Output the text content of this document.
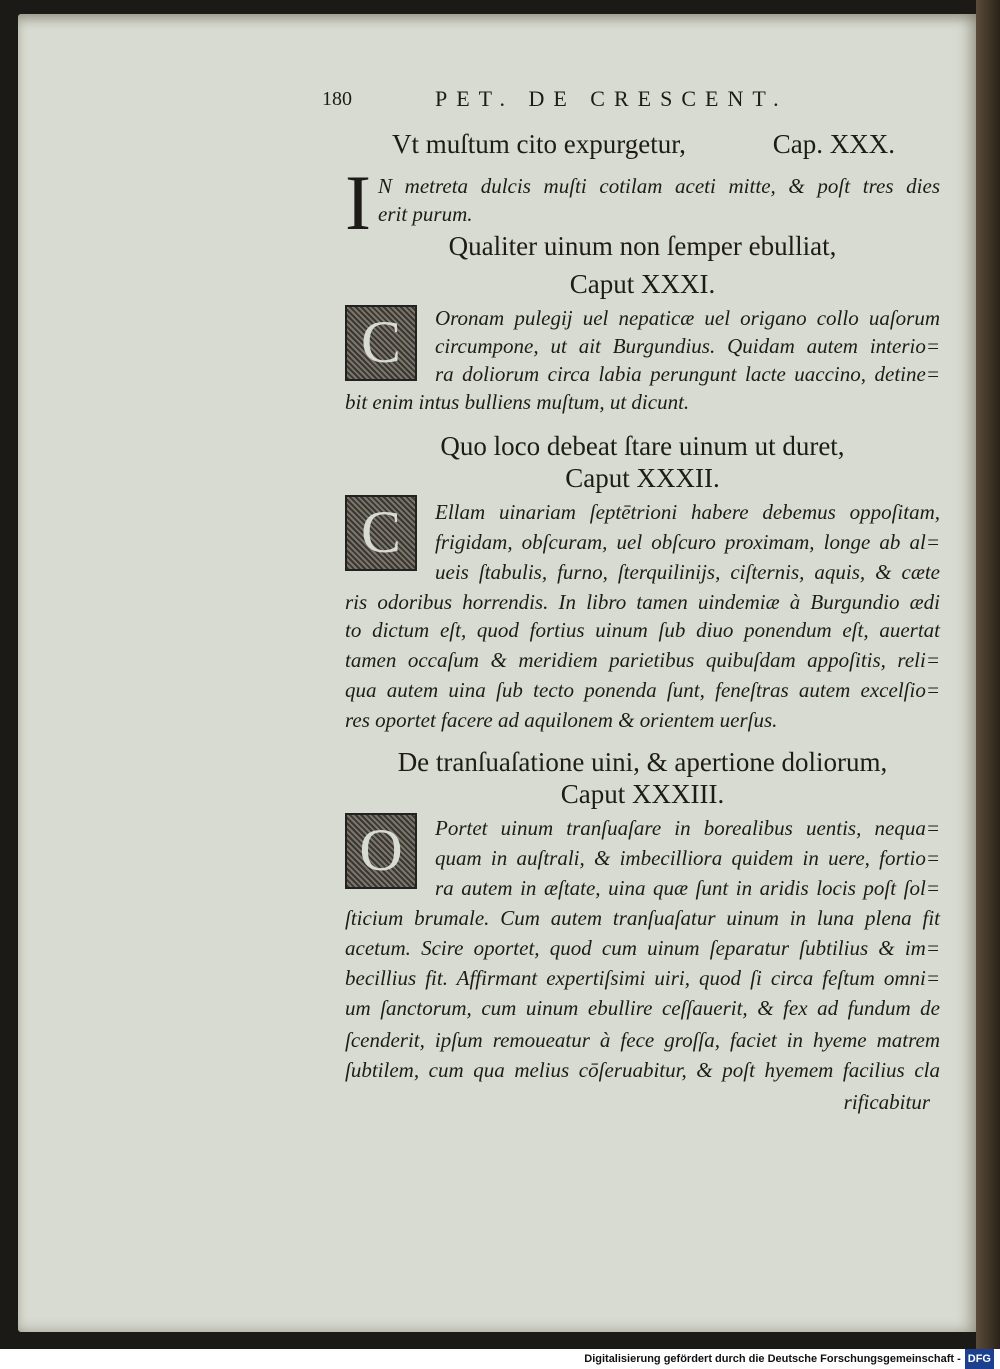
180	PET. DE CRESCENT.
Vt muſtum cito expurgetur,	Cap. XXX.
I N metreta dulcis muſti cotilam aceti mitte, & poſt tres dies
erit purum.
Qualiter uinum non ſemper ebulliat,
Caput XXXI.
C	Oronam pulegij uel nepaticæ uel origano collo uaſorum
circumpone, ut ait Burgundius. Quidam autem interio=
ra doliorum circa labia perungunt lacte uaccino, detine=
bit enim intus bulliens muſtum, ut dicunt.
Quo loco debeat ſtare uinum ut duret,
Caput XXXII.
C	Ellam uinariam ſeptētrioni habere debemus oppoſitam,
frigidam, obſcuram, uel obſcuro proximam, longe ab al=
ueis ſtabulis, furno, ſterquilinijs, ciſternis, aquis, & cæte
ris odoribus horrendis. In libro tamen uindemiæ à Burgundio ædi
to dictum eſt, quod fortius uinum ſub diuo ponendum eſt, auertat
tamen occaſum & meridiem parietibus quibuſdam appoſitis, reli=
qua autem uina ſub tecto ponenda ſunt, feneſtras autem excelſio=
res oportet facere ad aquilonem & orientem uerſus.
De tranſuaſatione uini, & apertione doliorum,
Caput XXXIII.
O	Portet uinum tranſuaſare in borealibus uentis, nequa=
quam in auſtrali, & imbecilliora quidem in uere, fortio=
ra autem in æſtate, uina quæ ſunt in aridis locis poſt ſol=
ſticium brumale. Cum autem tranſuaſatur uinum in luna plena fit
acetum. Scire oportet, quod cum uinum ſeparatur ſubtilius & im=
becillius fit. Affirmant expertiſsimi uiri, quod ſi circa feſtum omni=
um ſanctorum, cum uinum ebullire ceſſauerit, & fex ad fundum de
ſcenderit, ipſum remoueatur à fece groſſa, faciet in hyeme matrem
ſubtilem, cum qua melius cōſeruabitur, & poſt hyemem facilius cla
rificabitur
Digitalisierung gefördert durch die Deutsche Forschungsgemeinschaft - DFG
